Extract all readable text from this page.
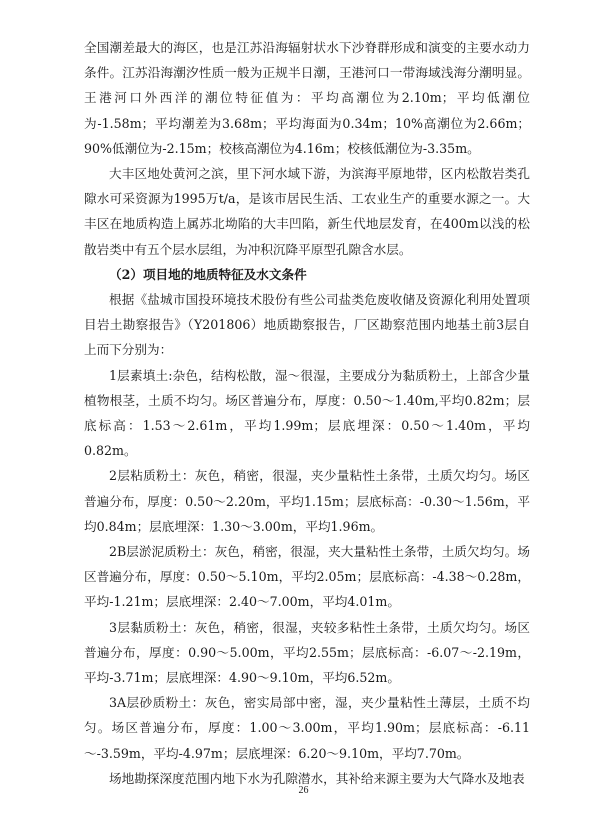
全国潮差最大的海区，也是江苏沿海辐射状水下沙脊群形成和演变的主要水动力条件。江苏沿海潮汐性质一般为正规半日潮，王港河口一带海域浅海分潮明显。王港河口外西洋的潮位特征值为：平均高潮位为2.10m；平均低潮位为-1.58m；平均潮差为3.68m；平均海面为0.34m；10%高潮位为2.66m；90%低潮位为-2.15m；校核高潮位为4.16m；校核低潮位为-3.35m。

大丰区地处黄河之滨，里下河水域下游，为滨海平原地带，区内松散岩类孔隙水可采资源为1995万t/a，是该市居民生活、工农业生产的重要水源之一。大丰区在地质构造上属苏北坳陷的大丰凹陷，新生代地层发育，在400m以浅的松散岩类中有五个层水层组，为冲积沉降平原型孔隙含水层。

（2）项目地的地质特征及水文条件

根据《盐城市国投环境技术股份有些公司盐类危废收储及资源化利用处置项目岩土勘察报告》（Y201806）地质勘察报告，厂区勘察范围内地基土前3层自上而下分别为：

1层素填土:杂色，结构松散，湿～很湿，主要成分为黏质粉土，上部含少量植物根茎，土质不均匀。场区普遍分布，厚度：0.50～1.40m,平均0.82m；层底标高：1.53～2.61m，平均1.99m；层底埋深：0.50～1.40m，平均0.82m。

2层粘质粉土：灰色，稍密，很湿，夹少量粘性土条带，土质欠均匀。场区普遍分布，厚度：0.50～2.20m，平均1.15m；层底标高：-0.30～1.56m，平均0.84m；层底埋深：1.30～3.00m，平均1.96m。

2B层淤泥质粉土：灰色，稍密，很湿，夹大量粘性土条带，土质欠均匀。场区普遍分布，厚度：0.50～5.10m，平均2.05m；层底标高：-4.38～0.28m，平均-1.21m；层底埋深：2.40～7.00m，平均4.01m。

3层黏质粉土：灰色，稍密，很湿，夹较多粘性土条带，土质欠均匀。场区普遍分布，厚度：0.90～5.00m，平均2.55m；层底标高：-6.07～-2.19m，平均-3.71m；层底埋深：4.90～9.10m，平均6.52m。

3A层砂质粉土：灰色，密实局部中密，湿，夹少量粘性土薄层，土质不均匀。场区普遍分布，厚度：1.00～3.00m，平均1.90m；层底标高：-6.11～-3.59m，平均-4.97m；层底埋深：6.20～9.10m，平均7.70m。

场地勘探深度范围内地下水为孔隙潜水，其补给来源主要为大气降水及地表

26
